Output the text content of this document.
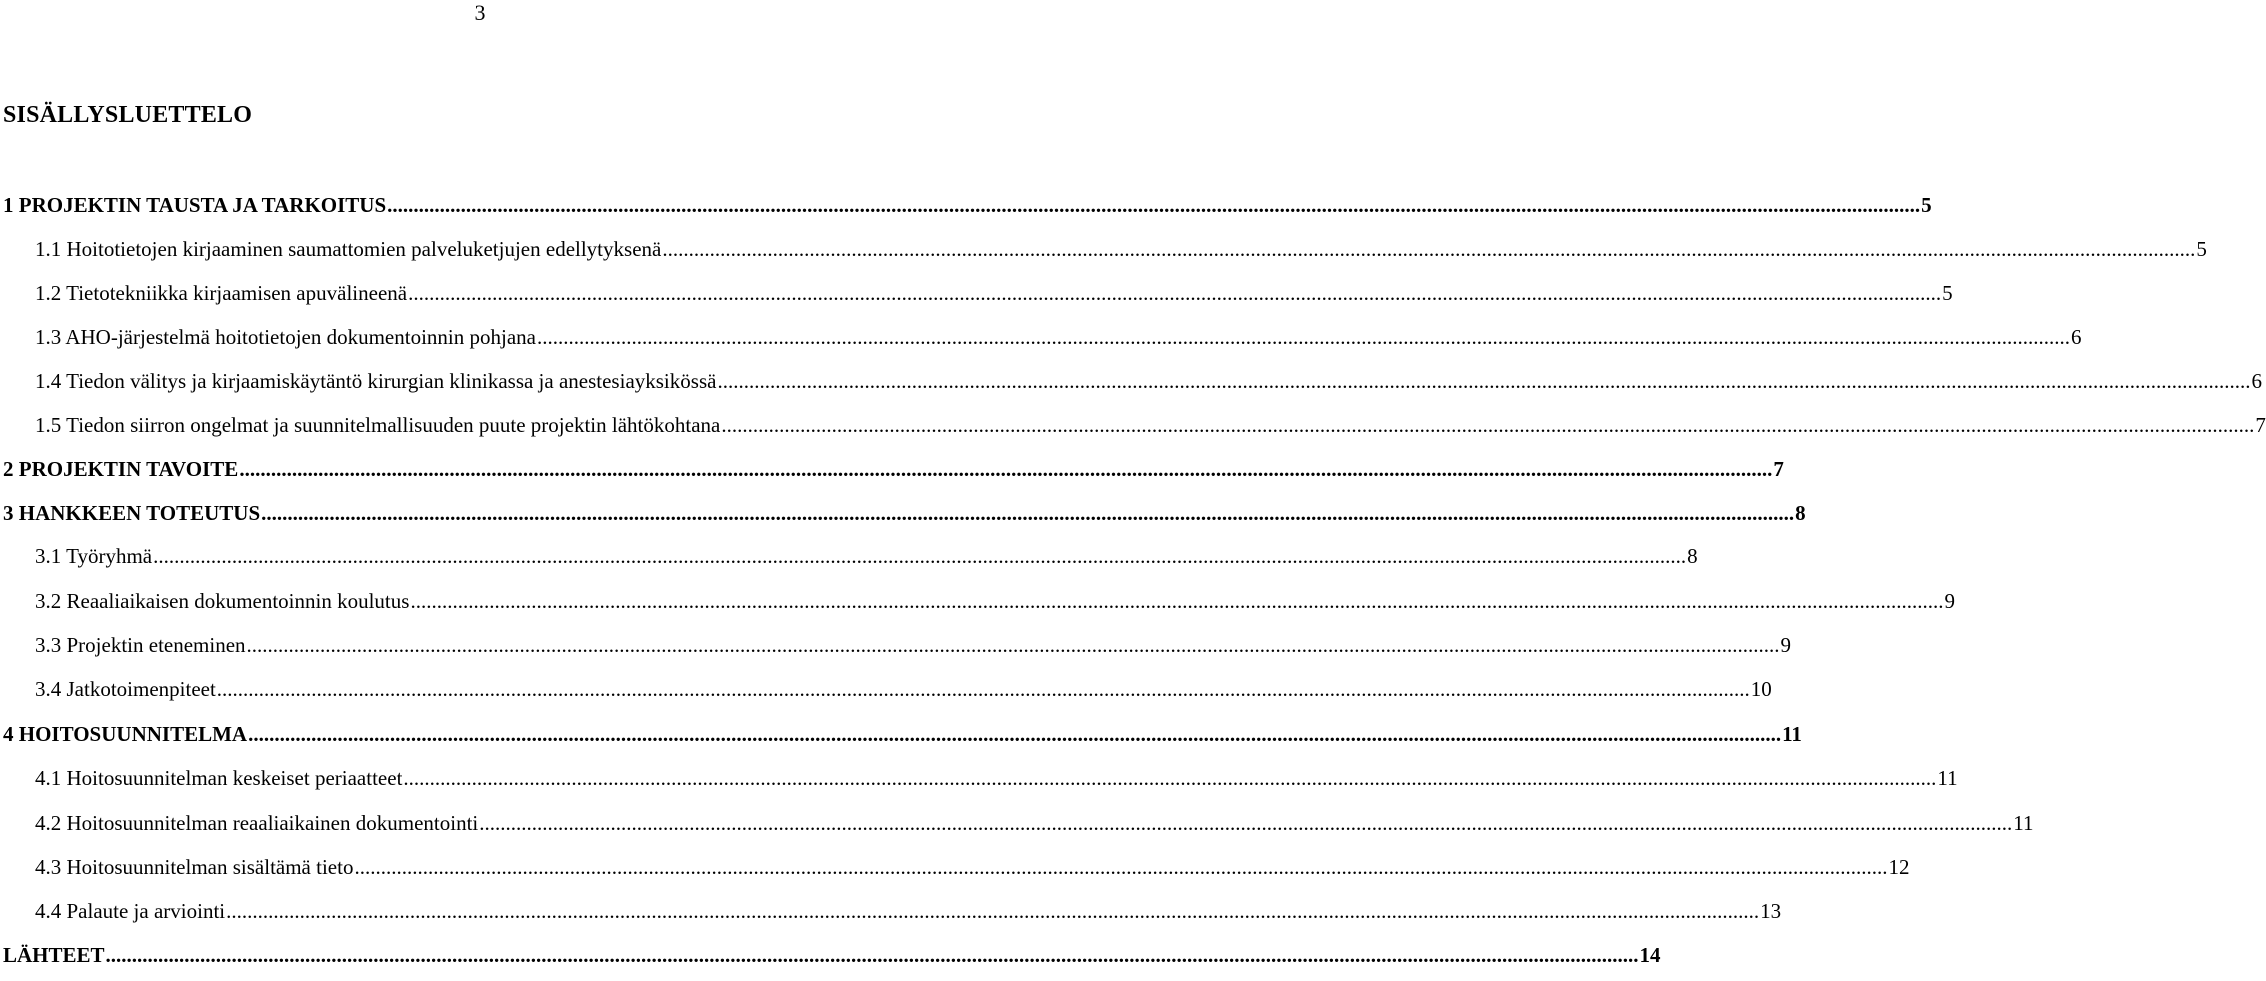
3
SISÄLLYSLUETTELO
1 PROJEKTIN TAUSTA JA TARKOITUS .....	5
1.1 Hoitotietojen kirjaaminen saumattomien palveluketjujen edellytyksenä .....	5
1.2 Tietotekniikka kirjaamisen apuvälineenä .....	5
1.3 AHO-järjestelmä hoitotietojen dokumentoinnin pohjana .....	6
1.4 Tiedon välitys ja kirjaamiskäytäntö kirurgian klinikassa ja anestesiayksikössä .....	6
1.5 Tiedon siirron ongelmat ja suunnitelmallisuuden puute projektin lähtökohtana .....	7
2 PROJEKTIN TAVOITE .....	7
3 HANKKEEN TOTEUTUS .....	8
3.1 Työryhmä .....	8
3.2 Reaaliaikaisen dokumentoinnin koulutus .....	9
3.3 Projektin eteneminen .....	9
3.4 Jatkotoimenpiteet .....	10
4 HOITOSUUNNITELMA .....	11
4.1 Hoitosuunnitelman keskeiset periaatteet .....	11
4.2 Hoitosuunnitelman reaaliaikainen dokumentointi .....	11
4.3 Hoitosuunnitelman sisältämä tieto .....	12
4.4 Palaute ja arviointi .....	13
LÄHTEET .....	14
